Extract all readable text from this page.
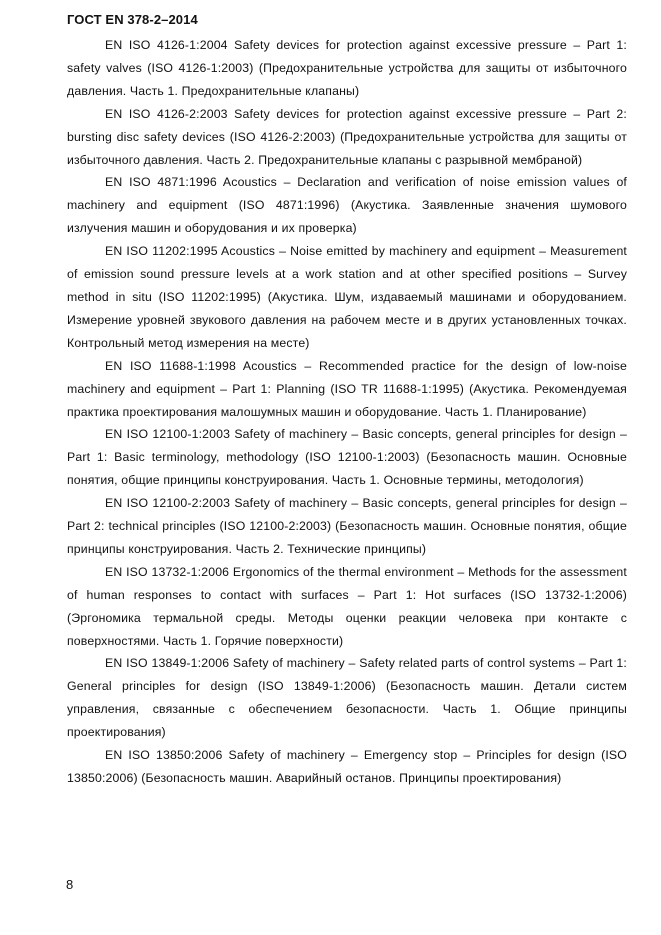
ГОСТ EN 378-2–2014
EN ISO 4126-1:2004 Safety devices for protection against excessive pressure – Part 1: safety valves (ISO 4126-1:2003) (Предохранительные устройства для защиты от избыточного давления. Часть 1. Предохранительные клапаны)
EN ISO 4126-2:2003 Safety devices for protection against excessive pressure – Part 2: bursting disc safety devices (ISO 4126-2:2003) (Предохранительные устройства для защиты от избыточного давления. Часть 2. Предохранительные клапаны с разрывной мембраной)
EN ISO 4871:1996 Acoustics – Declaration and verification of noise emission values of machinery and equipment (ISO 4871:1996) (Акустика. Заявленные значения шумового излучения машин и оборудования и их проверка)
EN ISO 11202:1995 Acoustics – Noise emitted by machinery and equipment – Measurement of emission sound pressure levels at a work station and at other specified positions – Survey method in situ (ISO 11202:1995) (Акустика. Шум, издаваемый машинами и оборудованием. Измерение уровней звукового давления на рабочем месте и в других установленных точках. Контрольный метод измерения на месте)
EN ISO 11688-1:1998 Acoustics – Recommended practice for the design of low-noise machinery and equipment – Part 1: Planning (ISO TR 11688-1:1995) (Акустика. Рекомендуемая практика проектирования малошумных машин и оборудование. Часть 1. Планирование)
EN ISO 12100-1:2003 Safety of machinery – Basic concepts, general principles for design – Part 1: Basic terminology, methodology (ISO 12100-1:2003) (Безопасность машин. Основные понятия, общие принципы конструирования. Часть 1. Основные термины, методология)
EN ISO 12100-2:2003 Safety of machinery – Basic concepts, general principles for design – Part 2: technical principles (ISO 12100-2:2003) (Безопасность машин. Основные понятия, общие принципы конструирования. Часть 2. Технические принципы)
EN ISO 13732-1:2006 Ergonomics of the thermal environment – Methods for the assessment of human responses to contact with surfaces – Part 1: Hot surfaces (ISO 13732-1:2006) (Эргономика термальной среды. Методы оценки реакции человека при контакте с поверхностями. Часть 1. Горячие поверхности)
EN ISO 13849-1:2006 Safety of machinery – Safety related parts of control systems – Part 1: General principles for design (ISO 13849-1:2006) (Безопасность машин. Детали систем управления, связанные с обеспечением безопасности. Часть 1. Общие принципы проектирования)
EN ISO 13850:2006 Safety of machinery – Emergency stop – Principles for design (ISO 13850:2006) (Безопасность машин. Аварийный останов. Принципы проектирования)
8
